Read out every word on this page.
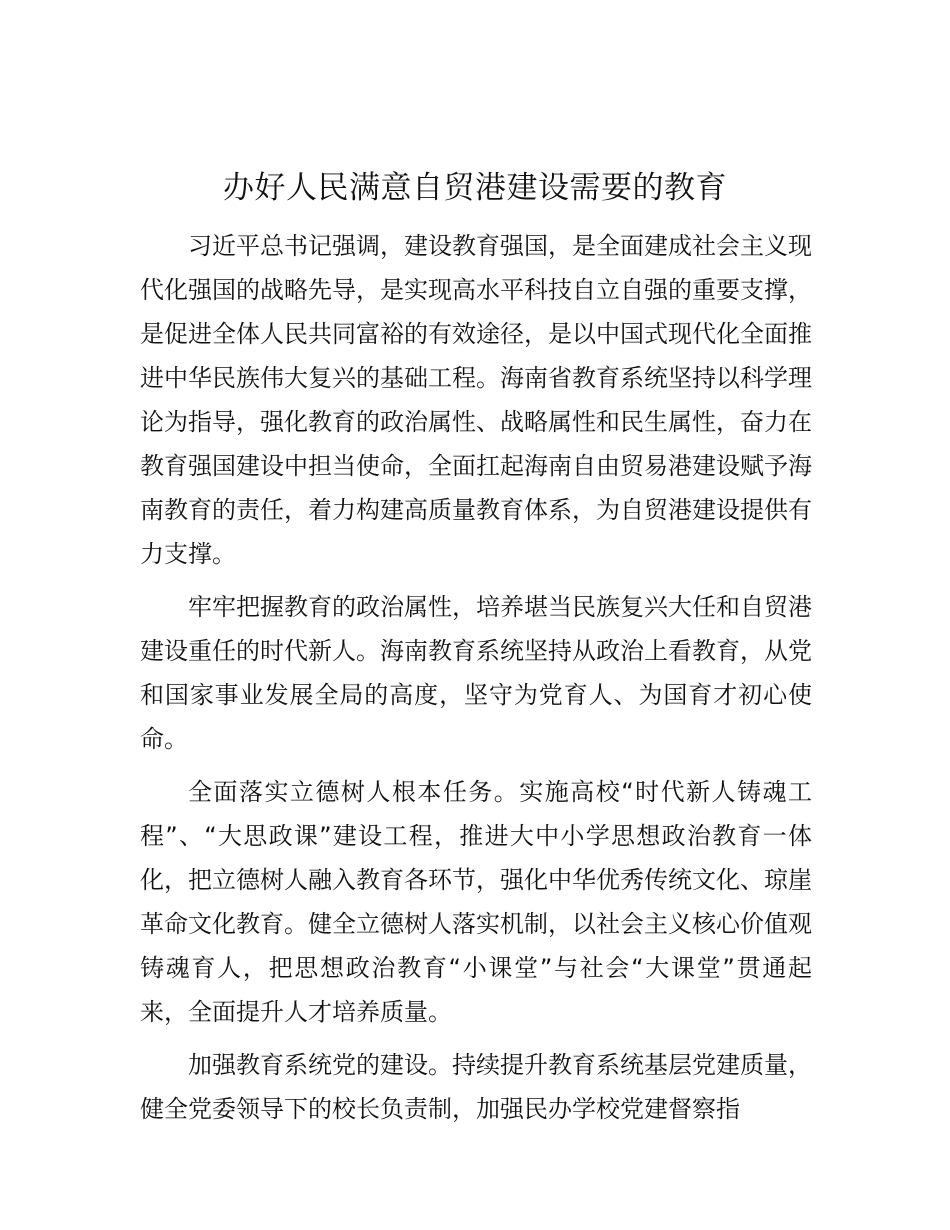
办好人民满意自贸港建设需要的教育

习近平总书记强调，建设教育强国，是全面建成社会主义现代化强国的战略先导，是实现高水平科技自立自强的重要支撑，是促进全体人民共同富裕的有效途径，是以中国式现代化全面推进中华民族伟大复兴的基础工程。海南省教育系统坚持以科学理论为指导，强化教育的政治属性、战略属性和民生属性，奋力在教育强国建设中担当使命，全面扛起海南自由贸易港建设赋予海南教育的责任，着力构建高质量教育体系，为自贸港建设提供有力支撑。

牢牢把握教育的政治属性，培养堪当民族复兴大任和自贸港建设重任的时代新人。海南教育系统坚持从政治上看教育，从党和国家事业发展全局的高度，坚守为党育人、为国育才初心使命。

全面落实立德树人根本任务。实施高校“时代新人铸魂工程”、“大思政课”建设工程，推进大中小学思想政治教育一体化，把立德树人融入教育各环节，强化中华优秀传统文化、琼崖革命文化教育。健全立德树人落实机制，以社会主义核心价值观铸魂育人，把思想政治教育“小课堂”与社会“大课堂”贯通起来，全面提升人才培养质量。

加强教育系统党的建设。持续提升教育系统基层党建质量，健全党委领导下的校长负责制，加强民办学校党建督察指
